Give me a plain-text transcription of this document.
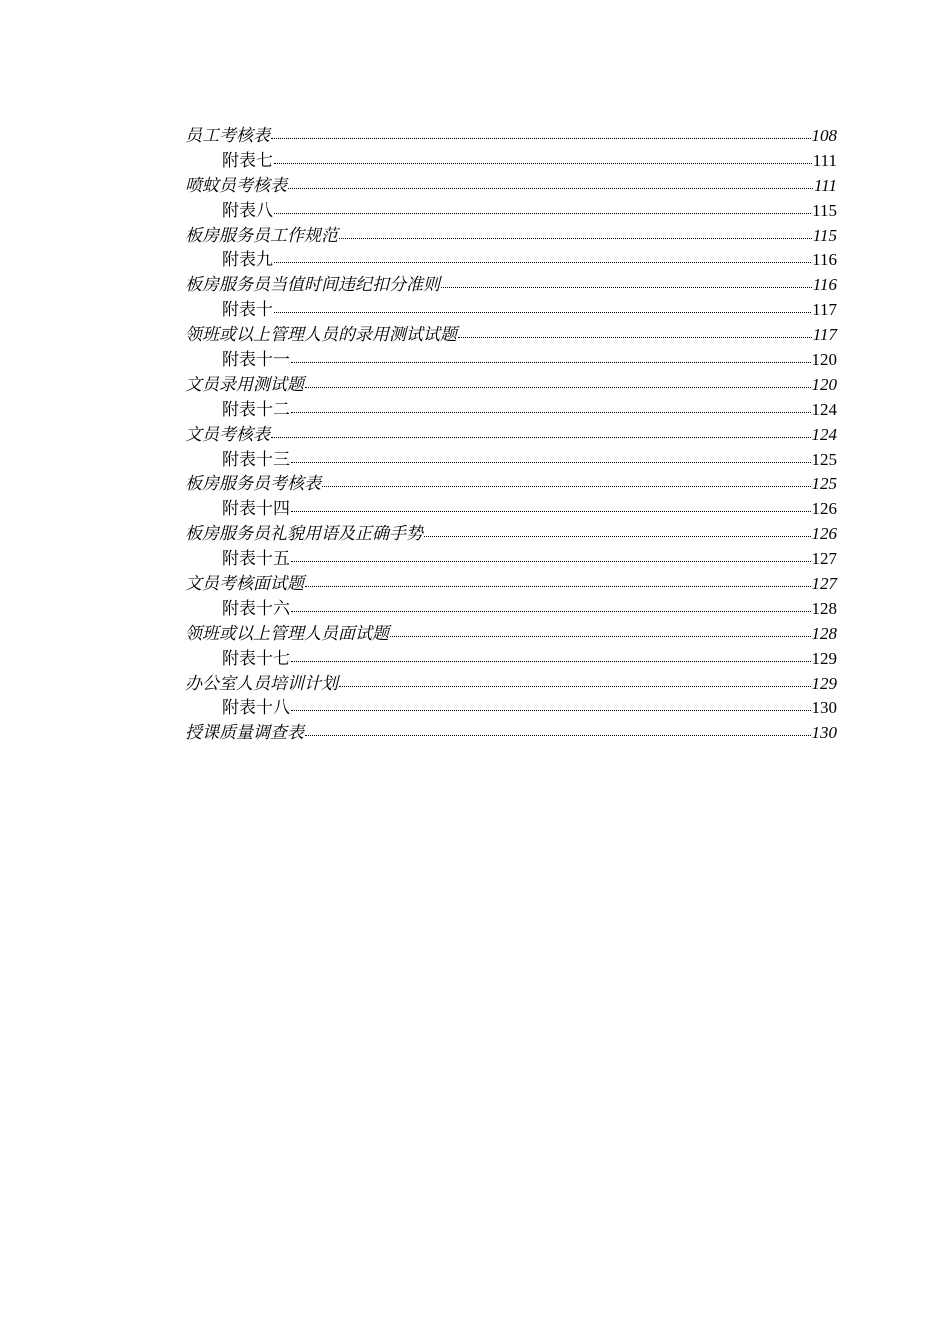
员工考核表	108
附表七	111
喷蚊员考核表	111
附表八	115
板房服务员工作规范	115
附表九	116
板房服务员当值时间违纪扣分准则	116
附表十	117
领班或以上管理人员的录用测试试题	117
附表十一	120
文员录用测试题	120
附表十二	124
文员考核表	124
附表十三	125
板房服务员考核表	125
附表十四	126
板房服务员礼貌用语及正确手势	126
附表十五	127
文员考核面试题	127
附表十六	128
领班或以上管理人员面试题	128
附表十七	129
办公室人员培训计划	129
附表十八	130
授课质量调查表	130
